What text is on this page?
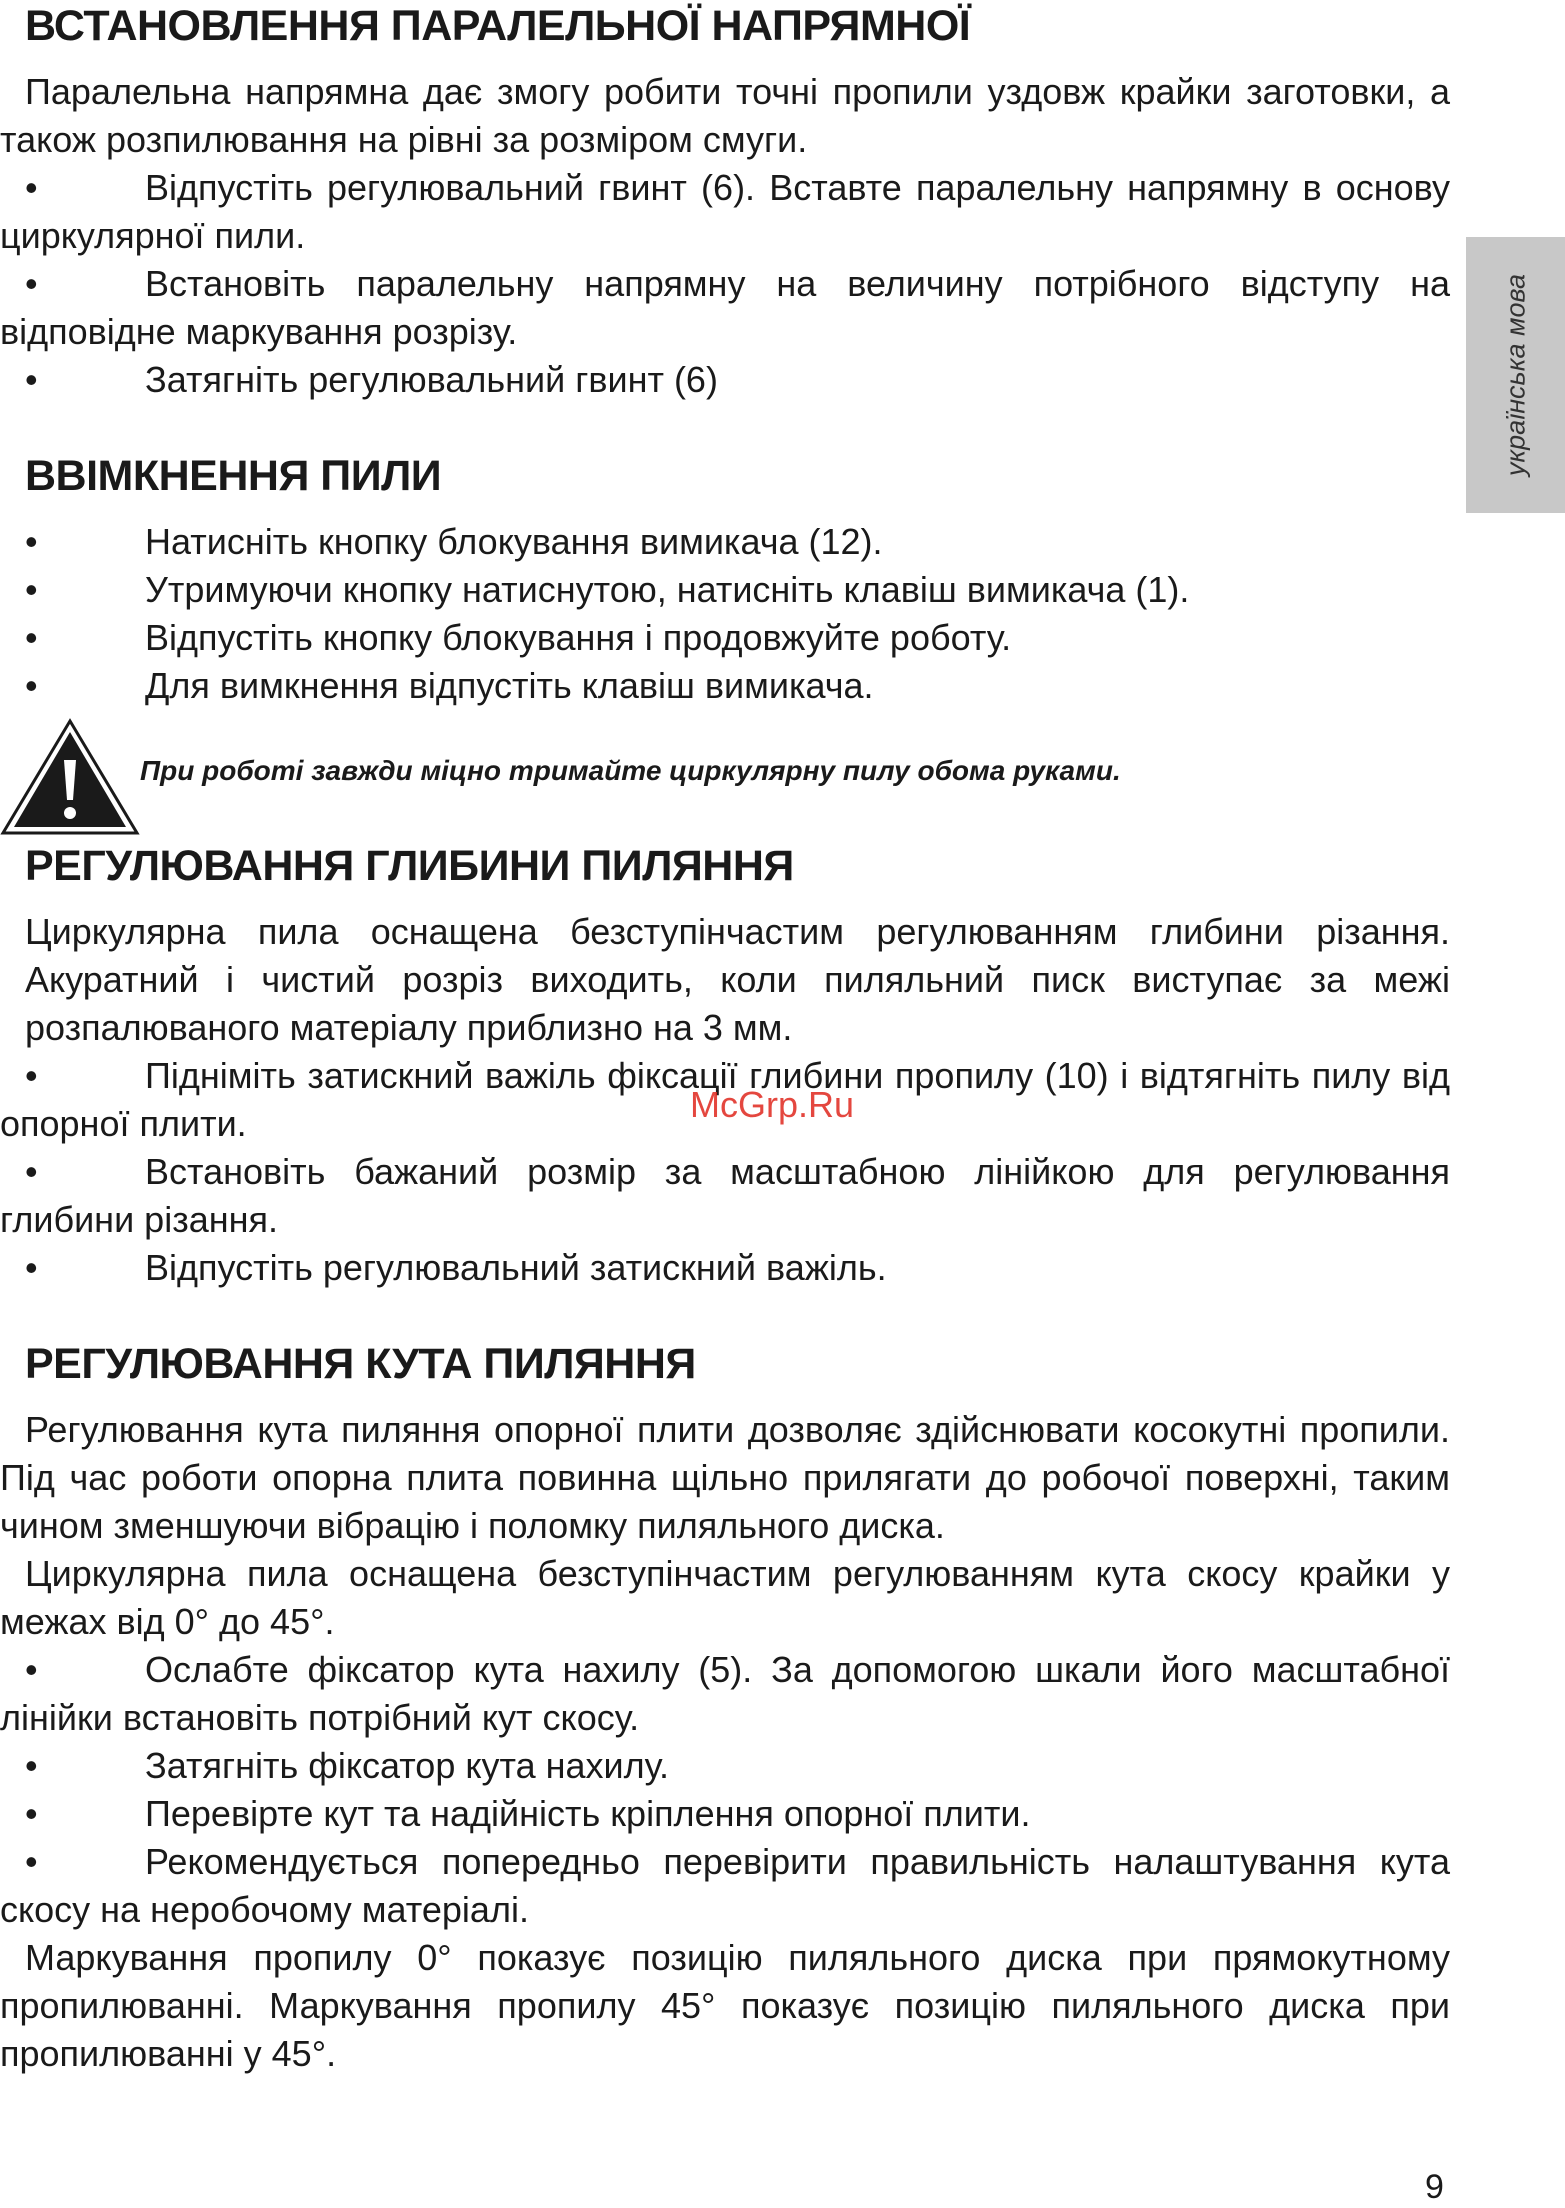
українська мова
ВСТАНОВЛЕННЯ ПАРАЛЕЛЬНОЇ НАПРЯМНОЇ

Паралельна напрямна дає змогу робити точні пропили уздовж крайки заготовки, а також розпилювання на рівні за розміром смуги.

•	Відпустіть регулювальний гвинт (6). Вставте паралельну напрямну в основу циркулярної пили.

•	Встановіть паралельну напрямну на величину потрібного відступу на відповідне маркування розрізу.

•	Затягніть регулювальний гвинт (6)

ВВІМКНЕННЯ ПИЛИ

•	Натисніть кнопку блокування вимикача (12).

•	Утримуючи кнопку натиснутою, натисніть клавіш вимикача (1).

•	Відпустіть кнопку блокування і продовжуйте роботу.

•	Для вимкнення відпустіть клавіш вимикача.

При роботі завжди міцно тримайте циркулярну пилу обома руками.
РЕГУЛЮВАННЯ ГЛИБИНИ ПИЛЯННЯ

Циркулярна пила оснащена безступінчастим регулюванням глибини різання. Акуратний і чистий розріз виходить, коли пиляльний писк виступає за межі розпалюваного матеріалу приблизно на 3 мм.

•	Підніміть затискний важіль фіксації глибини пропилу (10) і відтягніть пилу від опорної плити.

•	Встановіть бажаний розмір за масштабною лінійкою для регулювання глибини різання.

•	Відпустіть регулювальний затискний важіль.

РЕГУЛЮВАННЯ КУТА ПИЛЯННЯ

Регулювання кута пиляння опорної плити дозволяє здійснювати косокутні пропили. Під час роботи опорна плита повинна щільно прилягати до робочої поверхні, таким чином зменшуючи вібрацію і поломку пиляльного диска.

Циркулярна пила оснащена безступінчастим регулюванням кута скосу крайки у межах від 0° до 45°.

•	Ослабте фіксатор кута нахилу (5). За допомогою шкали його масштабної лінійки встановіть потрібний кут скосу.

•	Затягніть фіксатор кута нахилу.

•	Перевірте кут та надійність кріплення опорної плити.

•	Рекомендується попередньо перевірити правильність налаштування кута скосу на неробочому матеріалі.

Маркування пропилу 0° показує позицію пиляльного диска при прямокутному пропилюванні. Маркування пропилу 45° показує позицію пиляльного диска при пропилюванні у 45°.

McGrp.Ru
9
